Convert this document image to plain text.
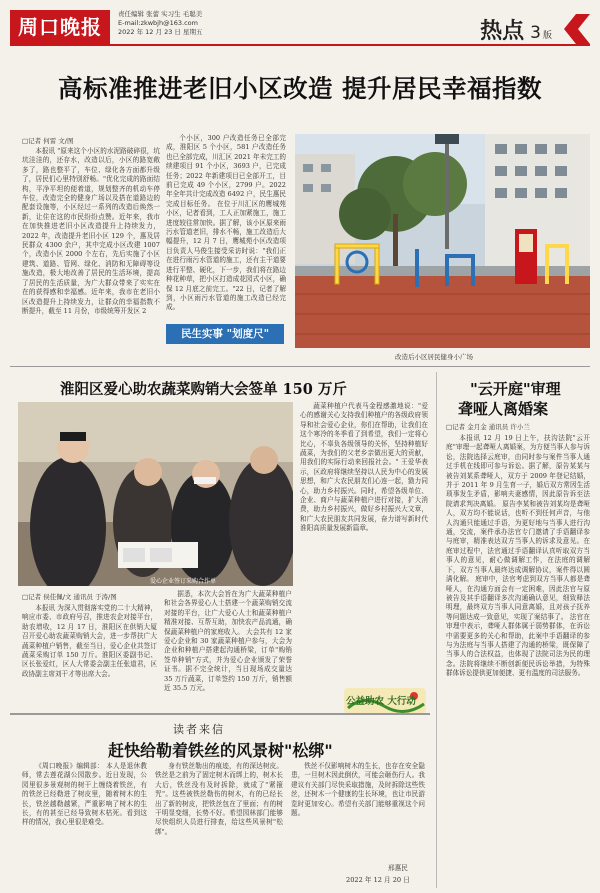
周口晚报
责任编辑 张蕾 实习生 毛聪美
E-mail:zkwbjh@163.com
2022 年 12 月 23 日 星期五	热点 3 版
高标准推进老旧小区改造 提升居民幸福指数
□记者 何雷 文/图

本报讯 "原来这个小区的水泥路破碎很，坑坑洼洼的，还存水，改造以后，小区的路宽敞多了，路也整平了，车位、绿化各方面都升级了，居民们心里特别舒畅。"优化完成的路面结构，平净平坦的便着道，规划整齐的机动车停车位，改造完全的健身广场以及搭在道路边的配套设施等，小区经过一系列的改造后焕然一新，让住在这的市民纷纷点赞。近年来，我市在加快推进老旧小区改造提升上持续发力，2022 年，改造提升老旧小区 129 个，惠及居民群众 4300 余户，其中完成小区改建 1007 个，改造小区 2000 个左右，先后实施了小区建筑、道路、管网、绿化、消防和无障碍等设施改造，极大地改善了居民的生活环境，提高了居民的生活质量，为广大群众带来了实实在在的获得感和幸福感。近年来，我市在老旧小区改造提升上持续发力，让群众的幸福指数不断提升，截至 11 月份，市级统筹开发区 2

个小区，300 户改造任务已全部完成，淮阳区 5 个小区，581 户改造任务也已全部完成，川汇区 2021 年未完工的续建项目 91 个小区，3693 户，已完成任务；2022 年新建项目已全部开工，目前已完成 49 个小区，2799 户。2022 年全年共计完成改造 6492 户，民生惠民完成目标任务。 在位于川汇区的鹰城苑小区，记者看到，工人正加紧施工，施工进度较往常加快。据了解，该小区原来雨污水管道老旧，排水不畅，施工改造后大幅提升，12 月 7 日，鹰城苑小区改造项目负责人马俊生接受采访时说："我们正在进行雨污水管道的施工，还有主干道要进行平整、硬化，下一步，我们将在路边种花种草，把小区打造成花园式小区，确保 12 月底之前完工。"22 日，记者了解到，小区雨污水管道的施工改造已经完成。

民生实事 "划度尺"
改造后小区居民健身小广场
淮阳区爱心助农蔬菜购销大会签单 150 万斤
爱心企业签订采购合作单
□记者 侯佳佩/文 通讯员 于涛/图

本报讯 为深入贯彻落实党的二十大精神，响应市委、市政府号召，推进农企对接平台，助农增收，12 月 17 日，淮阳区在供销大厦召开爱心助农蔬菜购销大会，进一步帮扶广大蔬菜种植户销售，截至当日，爱心企业共签订蔬菜采购订单 150 万斤。淮阳区委副书记、区长张爱红，区人大常委会副主任张道君，区政协副主席刘干才等出席大会。

据悉，本次大会旨在为广大蔬菜种植户和社会各界爱心人士搭建一个蔬菜购销交流对接的平台，让广大爱心人士和蔬菜种植户精准对接、互帮互助，加快农产品流通，确保蔬菜种植户的家庭收入。 大会共有 12 家爱心企业和 30 家蔬菜种植户参与，大会为企业和种植户搭建起沟通桥梁，订单"购销签单种销"方式，并为爱心企业颁发了荣誉证书。据不完全统计，当日现场成交量达 35 万斤蔬菜，订单签约 150 万斤，销售额近 35.5 万元。

蔬菜种植户代表马金程感激地说："爱心的感谢关心支持我们种植户的各级政府领导和社会爱心企业，你们在帮助，让我们在这个寒冷的冬季看了到希望，我们一定将心比心，不辜负各级领导的关怀，坚持种植好蔬菜，为我们的父老乡亲做出更大的贡献，用我们的实际行动来回报社会。" 王爱华表示，区政府将继续坚持以人民为中心的发展思想，和广大农民朋友们心连一起，勠力同心，助力乡村振兴。同时，希望各级单位、企业、商户与蔬菜种植户进行对接，扩大消费，助力乡村振兴，做好乡村振兴大文章，和广大农民朋友共同发展，奋力谱写新时代淮阳高质量发展新篇章。

公益助农 大行动
"云开庭"审理
聋哑人离婚案
□记者 金月金 通讯员 许小兰

本报讯 12 月 19 日上午，扶沟法院"云开庭"审理一起聋哑人离婚案，为方便当事人参与诉讼，法院选择云庭审，由同时参与案件当事人通过手机在线即可参与诉讼。据了解，原告某某与被告刘某系聋哑人，双方于 2009 年登记结婚，并于 2011 年 9 月生育一子，婚后双方常因生活琐事发生矛盾，影响夫妻感情，因此原告诉至法院请求判决离婚。 原告李某和被告刘某均是聋哑人，双方均不能说话，也听不到任何声音，与他人沟通只能通过手语，为更好地与当事人进行沟通，交流，案件承办法官专门邀请了手语翻译参与庭审，精准表达双方当事人的诉求及意见。在庭审过程中，法官通过手语翻译认真听取双方当事人的意见，耐心做调解工作，在法庭的调解下，双方当事人最终达成调解协议，案件得以圆满化解。 庭审中，法官考虑到双方当事人都是聋哑人，在沟通方面会有一定困难，因此法官与原被告及其手语翻译多次沟通确认意见，细致释法明理，最终双方当事人同意离婚，且对孩子抚养等问题达成一致意见，实现了案结事了。 法官在审理中表示，聋哑人群体属于弱势群体，在诉讼中需要更多的关心和帮助，此案中手语翻译的参与为法庭与当事人搭建了沟通的桥梁，既保障了当事人的合法权益，也体现了法院司法为民的理念。法院将继续不断创新便民诉讼举措，为特殊群体诉讼提供更加便捷、更有温度的司法服务。

读者来信
赶快给勒着铁丝的风景树"松绑"

《周口晚报》编辑部： 本人是退休教师，常去莲花湖公园散步。近日发现，公园里很多景观树的树干上缠绕着铁丝，有的铁丝已经勒进了树皮里，随着树木的生长，铁丝越勒越紧，严重影响了树木的生长，有的甚至已经导致树木枯死。看到这样的情况，我心里很是难受。

身有铁丝勒出的痕迹，有的深达树皮。铁丝是之前为了固定树木而绑上的，树木长大后，铁丝没有及时拆除，就成了"紧箍咒"。这些被铁丝勒伤的树木，有的已经长出了新的树皮，把铁丝包在了里面；有的树干明显变细，长势不好。希望园林部门能够尽快组织人员进行排查，给这些风景树"松绑"。

铁丝不仅影响树木的生长，也存在安全隐患，一旦树木因此倒伏，可能会砸伤行人。我建议有关部门尽快采取措施，及时拆除这些铁丝，还树木一个健康的生长环境，也让市民游览时更加安心。希望有关部门能够重视这个问题。

邢惠民
2022 年 12 月 20 日
